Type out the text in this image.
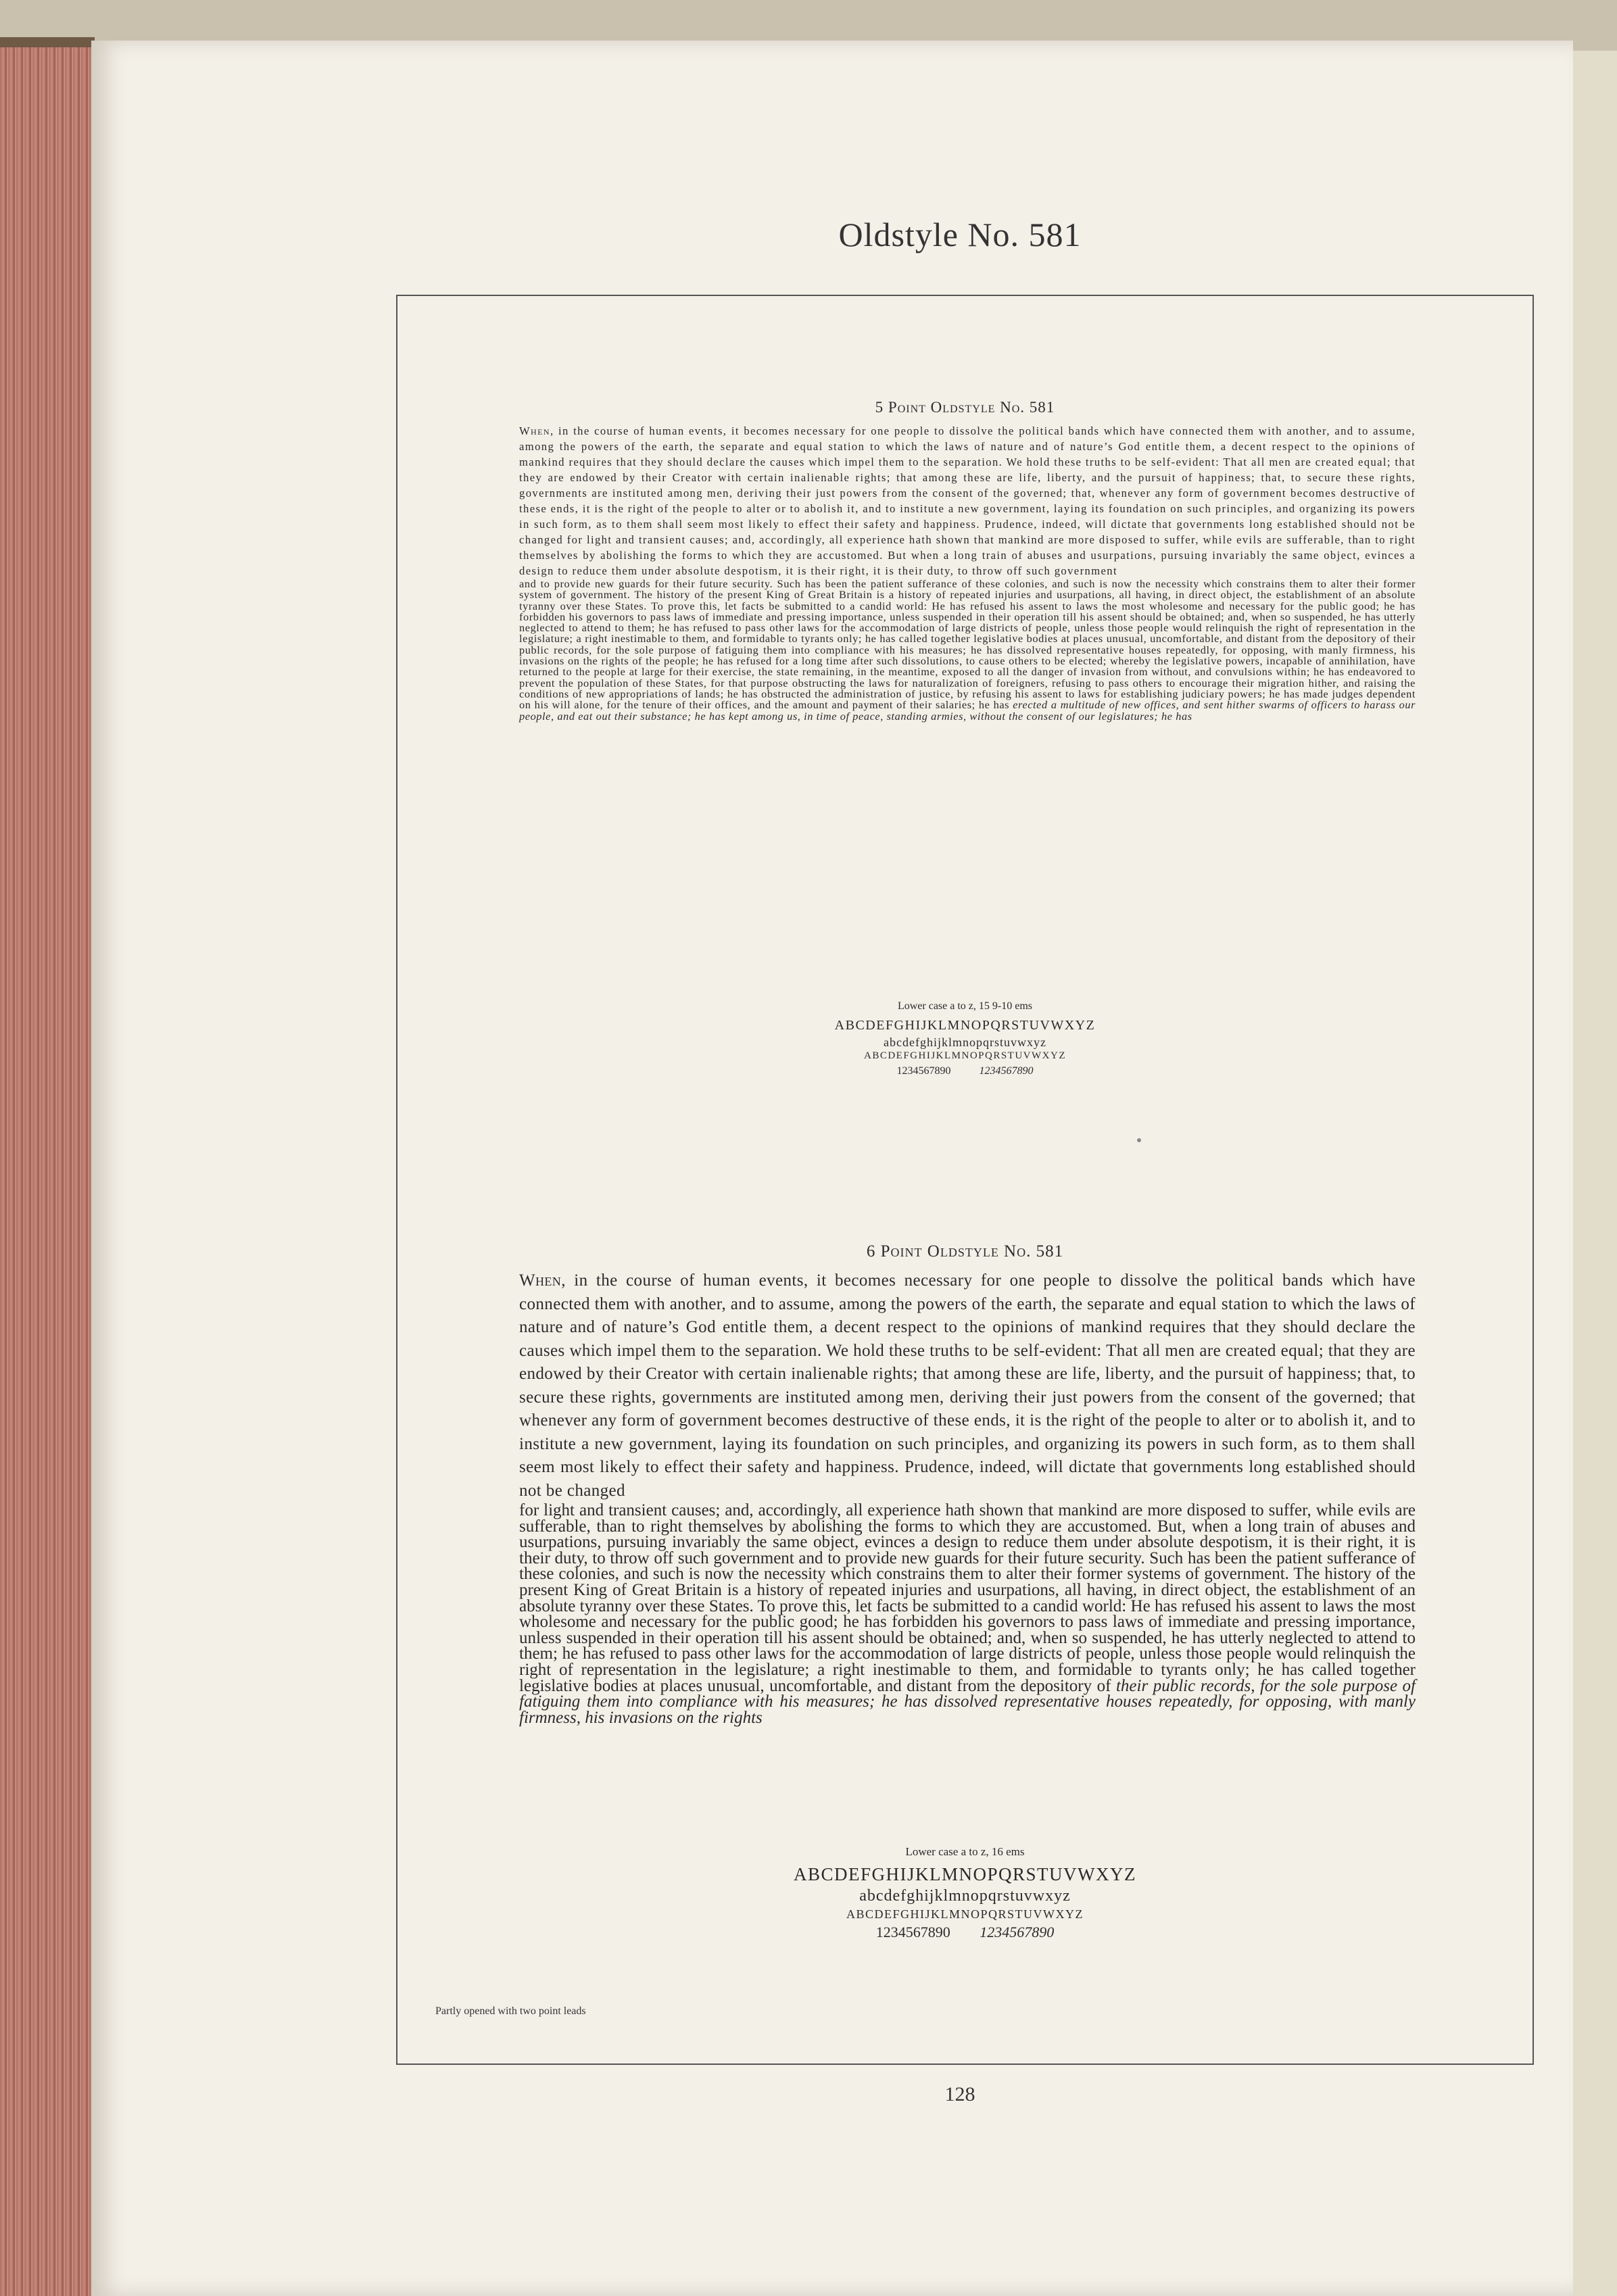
Oldstyle No. 581
5 Point Oldstyle No. 581
When, in the course of human events, it becomes necessary for one people to dissolve the political bands which have connected them with another, and to assume, among the powers of the earth, the separate and equal station to which the laws of nature and of nature’s God entitle them, a decent respect to the opinions of mankind requires that they should declare the causes which impel them to the separation. We hold these truths to be self-evident: That all men are created equal; that they are endowed by their Creator with certain inalienable rights; that among these are life, liberty, and the pursuit of happiness; that, to secure these rights, governments are instituted among men, deriving their just powers from the consent of the governed; that, whenever any form of government becomes destructive of these ends, it is the right of the people to alter or to abolish it, and to institute a new government, laying its foundation on such principles, and organizing its powers in such form, as to them shall seem most likely to effect their safety and happiness. Prudence, indeed, will dictate that governments long established should not be changed for light and transient causes; and, accordingly, all experience hath shown that mankind are more disposed to suffer, while evils are sufferable, than to right themselves by abolishing the forms to which they are accustomed. But when a long train of abuses and usurpations, pursuing invariably the same object, evinces a design to reduce them under absolute despotism, it is their right, it is their duty, to throw off such government
and to provide new guards for their future security. Such has been the patient sufferance of these colonies, and such is now the necessity which constrains them to alter their former system of government. The history of the present King of Great Britain is a history of repeated injuries and usurpations, all having, in direct object, the establishment of an absolute tyranny over these States. To prove this, let facts be submitted to a candid world: He has refused his assent to laws the most wholesome and necessary for the public good; he has forbidden his governors to pass laws of immediate and pressing importance, unless suspended in their operation till his assent should be obtained; and, when so suspended, he has utterly neglected to attend to them; he has refused to pass other laws for the accommodation of large districts of people, unless those people would relinquish the right of representation in the legislature; a right inestimable to them, and formidable to tyrants only; he has called together legislative bodies at places unusual, uncomfortable, and distant from the depository of their public records, for the sole purpose of fatiguing them into compliance with his measures; he has dissolved representative houses repeatedly, for opposing, with manly firmness, his invasions on the rights of the people; he has refused for a long time after such dissolutions, to cause others to be elected; whereby the legislative powers, incapable of annihilation, have returned to the people at large for their exercise, the state remaining, in the meantime, exposed to all the danger of invasion from without, and convulsions within; he has endeavored to prevent the population of these States, for that purpose obstructing the laws for naturalization of foreigners, refusing to pass others to encourage their migration hither, and raising the conditions of new appropriations of lands; he has obstructed the administration of justice, by refusing his assent to laws for establishing judiciary powers; he has made judges dependent on his will alone, for the tenure of their offices, and the amount and payment of their salaries; he has erected a multitude of new offices, and sent hither swarms of officers to harass our people, and eat out their substance; he has kept among us, in time of peace, standing armies, without the consent of our legislatures; he has
Lower case a to z, 15 9-10 ems
ABCDEFGHIJKLMNOPQRSTUVWXYZ
abcdefghijklmnopqrstuvwxyz
ABCDEFGHIJKLMNOPQRSTUVWXYZ
1234567890	1234567890
6 Point Oldstyle No. 581
When, in the course of human events, it becomes necessary for one people to dissolve the political bands which have connected them with another, and to assume, among the powers of the earth, the separate and equal station to which the laws of nature and of nature’s God entitle them, a decent respect to the opinions of mankind requires that they should declare the causes which impel them to the separation. We hold these truths to be self-evident: That all men are created equal; that they are endowed by their Creator with certain inalienable rights; that among these are life, liberty, and the pursuit of happiness; that, to secure these rights, governments are instituted among men, deriving their just powers from the consent of the governed; that whenever any form of government becomes destructive of these ends, it is the right of the people to alter or to abolish it, and to institute a new government, laying its foundation on such principles, and organizing its powers in such form, as to them shall seem most likely to effect their safety and happiness. Prudence, indeed, will dictate that governments long established should not be changed
for light and transient causes; and, accordingly, all experience hath shown that mankind are more disposed to suffer, while evils are sufferable, than to right themselves by abolishing the forms to which they are accustomed. But, when a long train of abuses and usurpations, pursuing invariably the same object, evinces a design to reduce them under absolute despotism, it is their right, it is their duty, to throw off such government and to provide new guards for their future security. Such has been the patient sufferance of these colonies, and such is now the necessity which constrains them to alter their former systems of government. The history of the present King of Great Britain is a history of repeated injuries and usurpations, all having, in direct object, the establishment of an absolute tyranny over these States. To prove this, let facts be submitted to a candid world: He has refused his assent to laws the most wholesome and necessary for the public good; he has forbidden his governors to pass laws of immediate and pressing importance, unless suspended in their operation till his assent should be obtained; and, when so suspended, he has utterly neglected to attend to them; he has refused to pass other laws for the accommodation of large districts of people, unless those people would relinquish the right of representation in the legislature; a right inestimable to them, and formidable to tyrants only; he has called together legislative bodies at places unusual, uncomfortable, and distant from the depository of their public records, for the sole purpose of fatiguing them into compliance with his measures; he has dissolved representative houses repeatedly, for opposing, with manly firmness, his invasions on the rights
Lower case a to z, 16 ems
ABCDEFGHIJKLMNOPQRSTUVWXYZ
abcdefghijklmnopqrstuvwxyz
ABCDEFGHIJKLMNOPQRSTUVWXYZ
1234567890 1234567890
Partly opened with two point leads
128
